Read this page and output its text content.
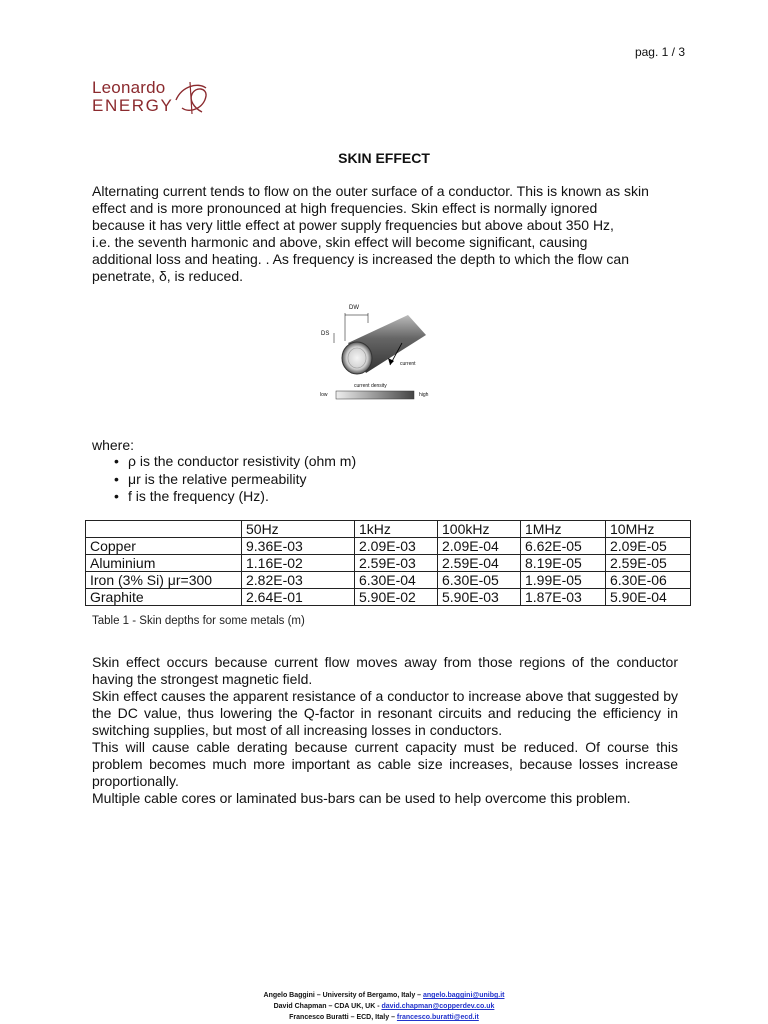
pag. 1 / 3
Leonardo
ENERGY
SKIN EFFECT
Alternating current tends to flow on the outer surface of a conductor. This is known as skin
effect and is more pronounced at high frequencies. Skin effect is normally ignored
because it has very little effect at power supply frequencies but above about 350 Hz,
i.e. the seventh harmonic and above, skin effect will become significant, causing
additional loss and heating. . As frequency is increased the depth to which the flow can
penetrate, δ, is reduced.
DW
DS
current
current density
low	high
where:
• ρ is the conductor resistivity (ohm m)
• μr is the relative permeability
• f is the frequency (Hz).
	50Hz	1kHz	100kHz	1MHz	10MHz
Copper	9.36E-03	2.09E-03	2.09E-04	6.62E-05	2.09E-05
Aluminium	1.16E-02	2.59E-03	2.59E-04	8.19E-05	2.59E-05
Iron (3% Si) μr=300	2.82E-03	6.30E-04	6.30E-05	1.99E-05	6.30E-06
Graphite	2.64E-01	5.90E-02	5.90E-03	1.87E-03	5.90E-04
Table 1 - Skin depths for some metals (m)
Skin effect occurs because current flow moves away from those regions of the conductor having the strongest magnetic field.
Skin effect causes the apparent resistance of a conductor to increase above that suggested by the DC value, thus lowering the Q-factor in resonant circuits and reducing the efficiency in switching supplies, but most of all increasing losses in conductors.
This will cause cable derating because current capacity must be reduced. Of course this problem becomes much more important as cable size increases, because losses increase proportionally.
Multiple cable cores or laminated bus-bars can be used to help overcome this problem.
Angelo Baggini – University of Bergamo, Italy – angelo.baggini@unibg.it
David Chapman – CDA UK, UK - david.chapman@copperdev.co.uk
Francesco Buratti – ECD, Italy – francesco.buratti@ecd.it
